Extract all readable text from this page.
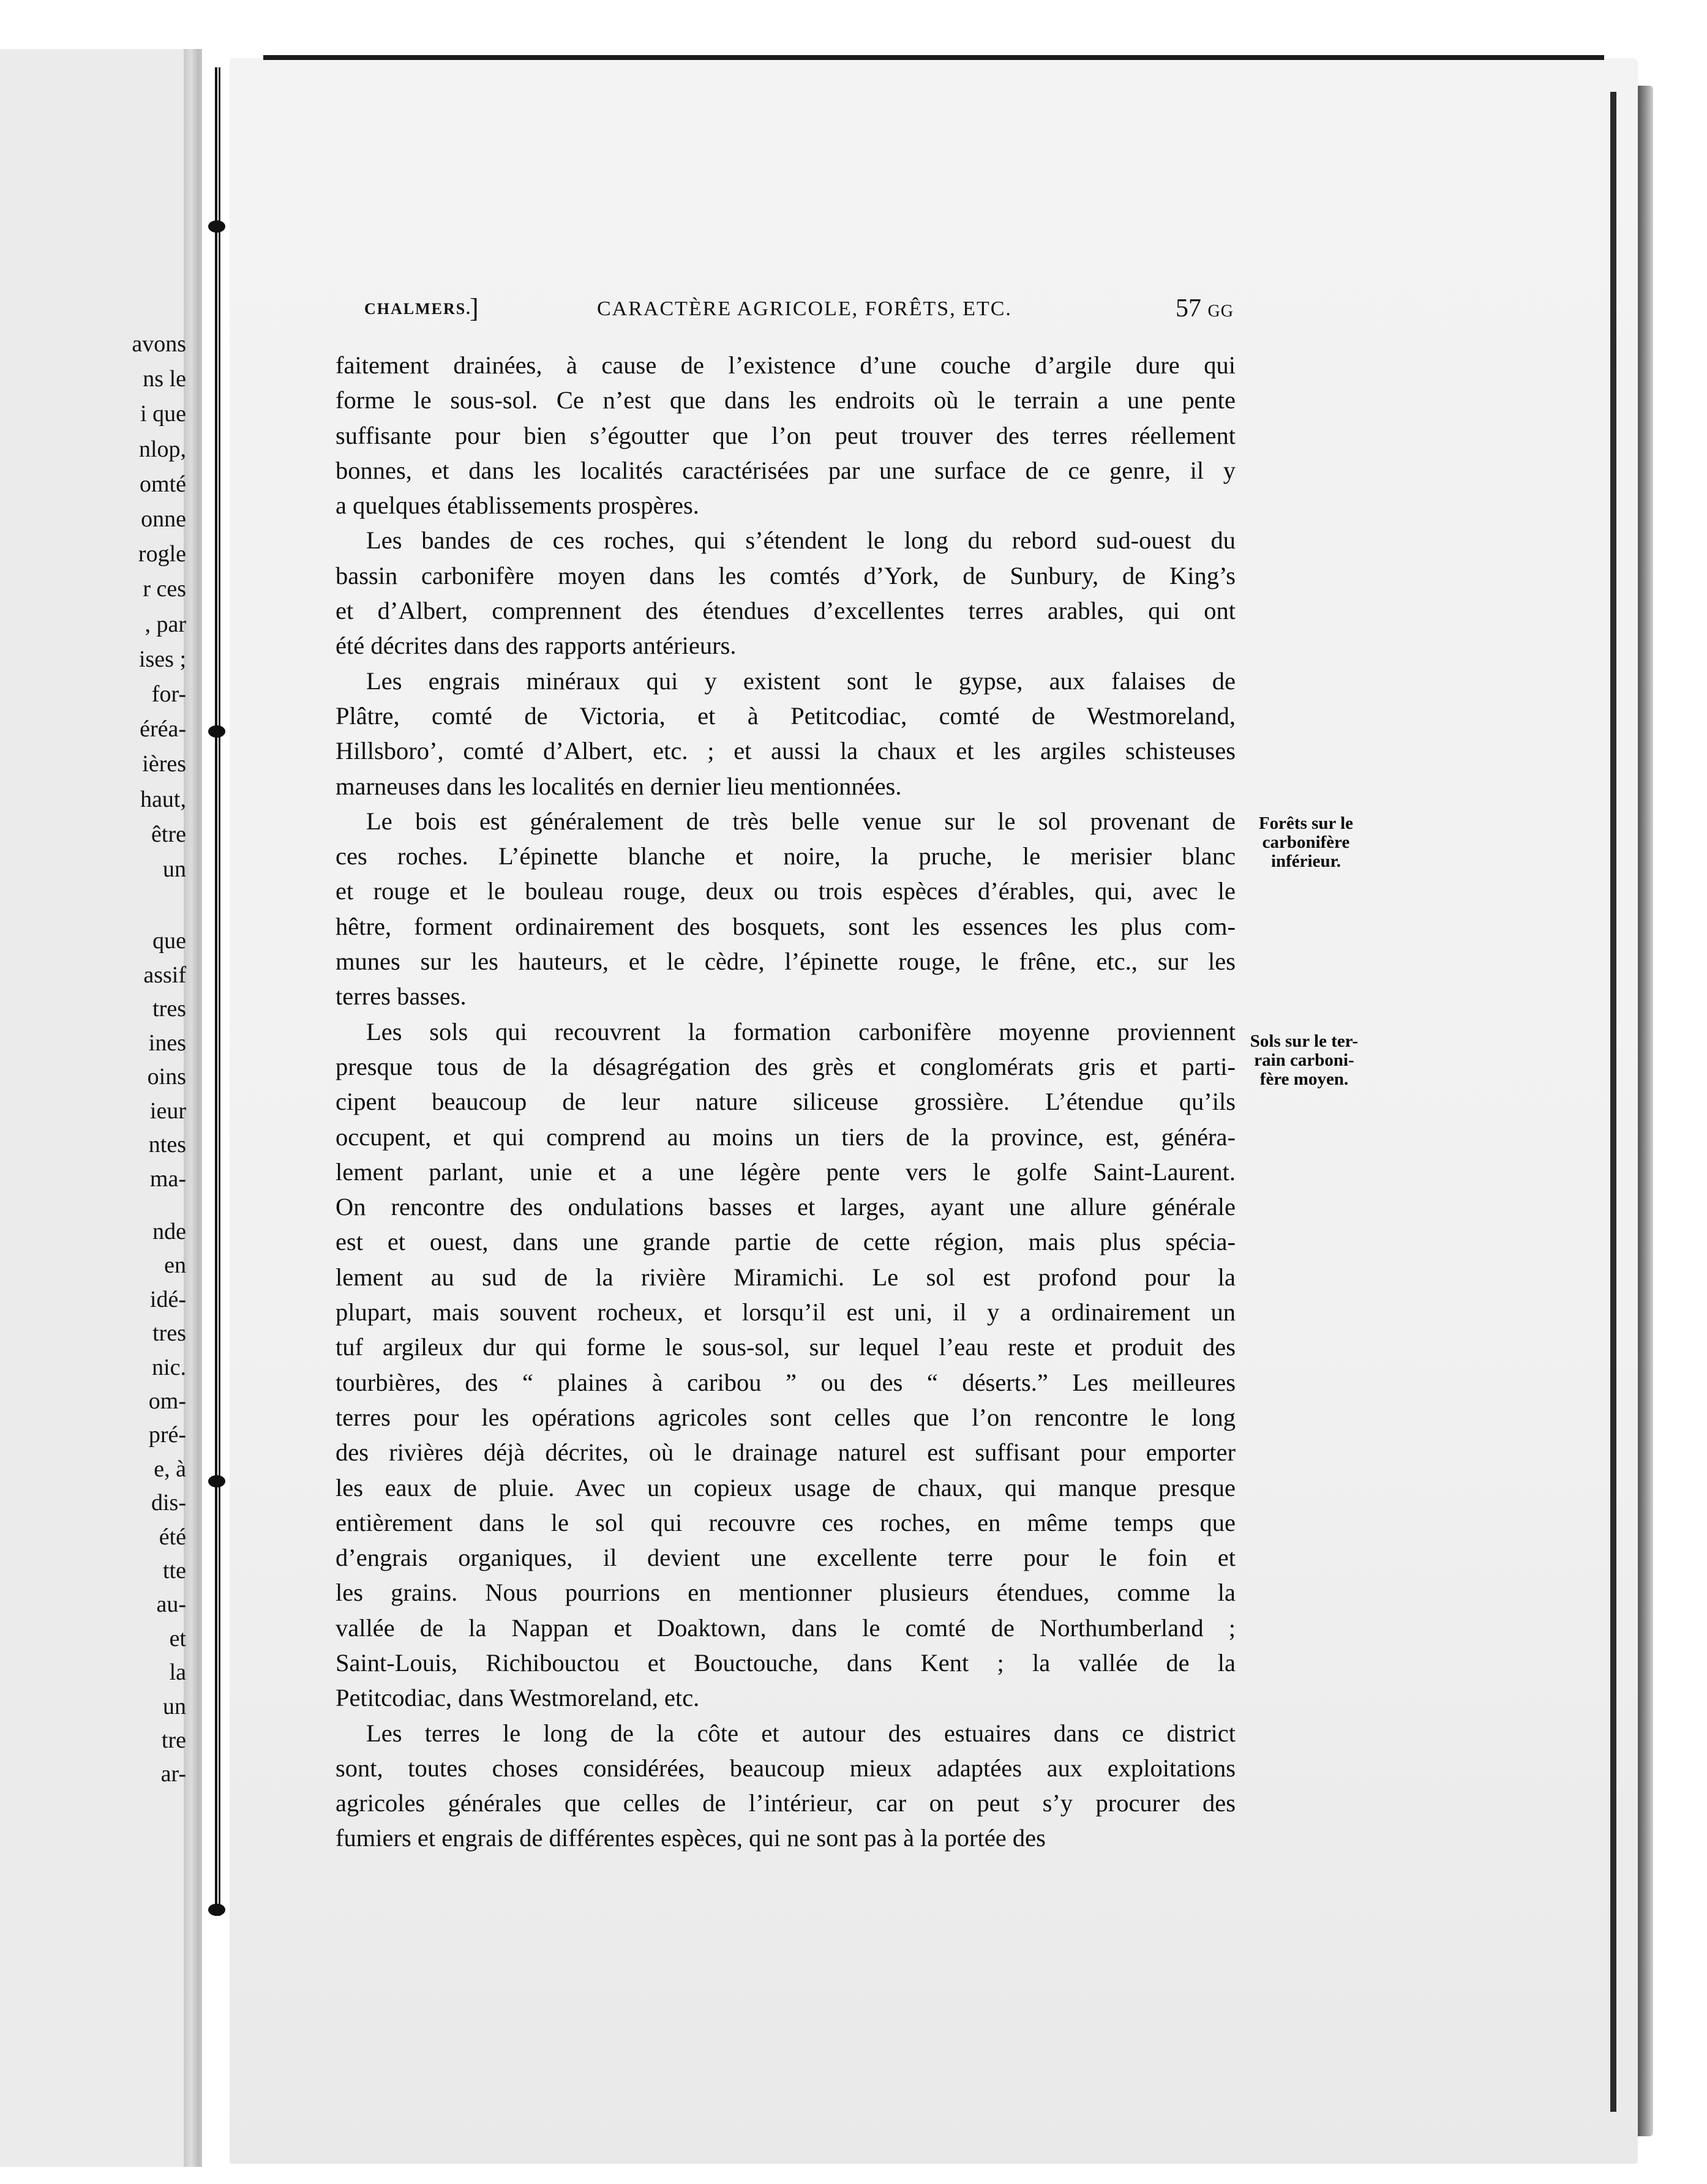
avons
ns le
i que
nlop,
omté
onne
rogle
r ces
, par
ises ;
for-
éréa-
ières
haut,
être
un
que
assif
tres
ines
oins
ieur
ntes
ma-
nde
en
idé-
tres
nic.
om-
pré-
e, à
dis-
été
tte
au-
et
la
un
tre
ar-
CHALMERS.
]	CARACTÈRE AGRICOLE, FORÊTS, ETC.	57 GG

faitement drainées, à cause de l’existence d’une couche d’argile dure qui
forme le sous-sol. Ce n’est que dans les endroits où le terrain a une pente
suffisante pour bien s’égoutter que l’on peut trouver des terres réellement
bonnes, et dans les localités caractérisées par une surface de ce genre, il y
a quelques établissements prospères.

Les bandes de ces roches, qui s’étendent le long du rebord sud-ouest du
bassin carbonifère moyen dans les comtés d’York, de Sunbury, de King’s
et d’Albert, comprennent des étendues d’excellentes terres arables, qui ont
été décrites dans des rapports antérieurs.

Les engrais minéraux qui y existent sont le gypse, aux falaises de
Plâtre, comté de Victoria, et à Petitcodiac, comté de Westmoreland,
Hillsboro’, comté d’Albert, etc. ; et aussi la chaux et les argiles schisteuses
marneuses dans les localités en dernier lieu mentionnées.

Le bois est généralement de très belle venue sur le sol provenant de
ces roches. L’épinette blanche et noire, la pruche, le merisier blanc
et rouge et le bouleau rouge, deux ou trois espèces d’érables, qui, avec le
hêtre, forment ordinairement des bosquets, sont les essences les plus com-
munes sur les hauteurs, et le cèdre, l’épinette rouge, le frêne, etc., sur les
terres basses.

Les sols qui recouvrent la formation carbonifère moyenne proviennent
presque tous de la désagrégation des grès et conglomérats gris et parti-
cipent beaucoup de leur nature siliceuse grossière. L’étendue qu’ils
occupent, et qui comprend au moins un tiers de la province, est, généra-
lement parlant, unie et a une légère pente vers le golfe Saint-Laurent.
On rencontre des ondulations basses et larges, ayant une allure générale
est et ouest, dans une grande partie de cette région, mais plus spécia-
lement au sud de la rivière Miramichi. Le sol est profond pour la
plupart, mais souvent rocheux, et lorsqu’il est uni, il y a ordinairement un
tuf argileux dur qui forme le sous-sol, sur lequel l’eau reste et produit des
tourbières, des “ plaines à caribou ” ou des “ déserts.” Les meilleures
terres pour les opérations agricoles sont celles que l’on rencontre le long
des rivières déjà décrites, où le drainage naturel est suffisant pour emporter
les eaux de pluie. Avec un copieux usage de chaux, qui manque presque
entièrement dans le sol qui recouvre ces roches, en même temps que
d’engrais organiques, il devient une excellente terre pour le foin et
les grains. Nous pourrions en mentionner plusieurs étendues, comme la
vallée de la Nappan et Doaktown, dans le comté de Northumberland ;
Saint-Louis, Richibouctou et Bouctouche, dans Kent ; la vallée de la
Petitcodiac, dans Westmoreland, etc.

Les terres le long de la côte et autour des estuaires dans ce district
sont, toutes choses considérées, beaucoup mieux adaptées aux exploitations
agricoles générales que celles de l’intérieur, car on peut s’y procurer des
fumiers et engrais de différentes espèces, qui ne sont pas à la portée des

Forêts sur le
carbonifère
inférieur.
Sols sur le ter-
rain carboni-
fère moyen.
